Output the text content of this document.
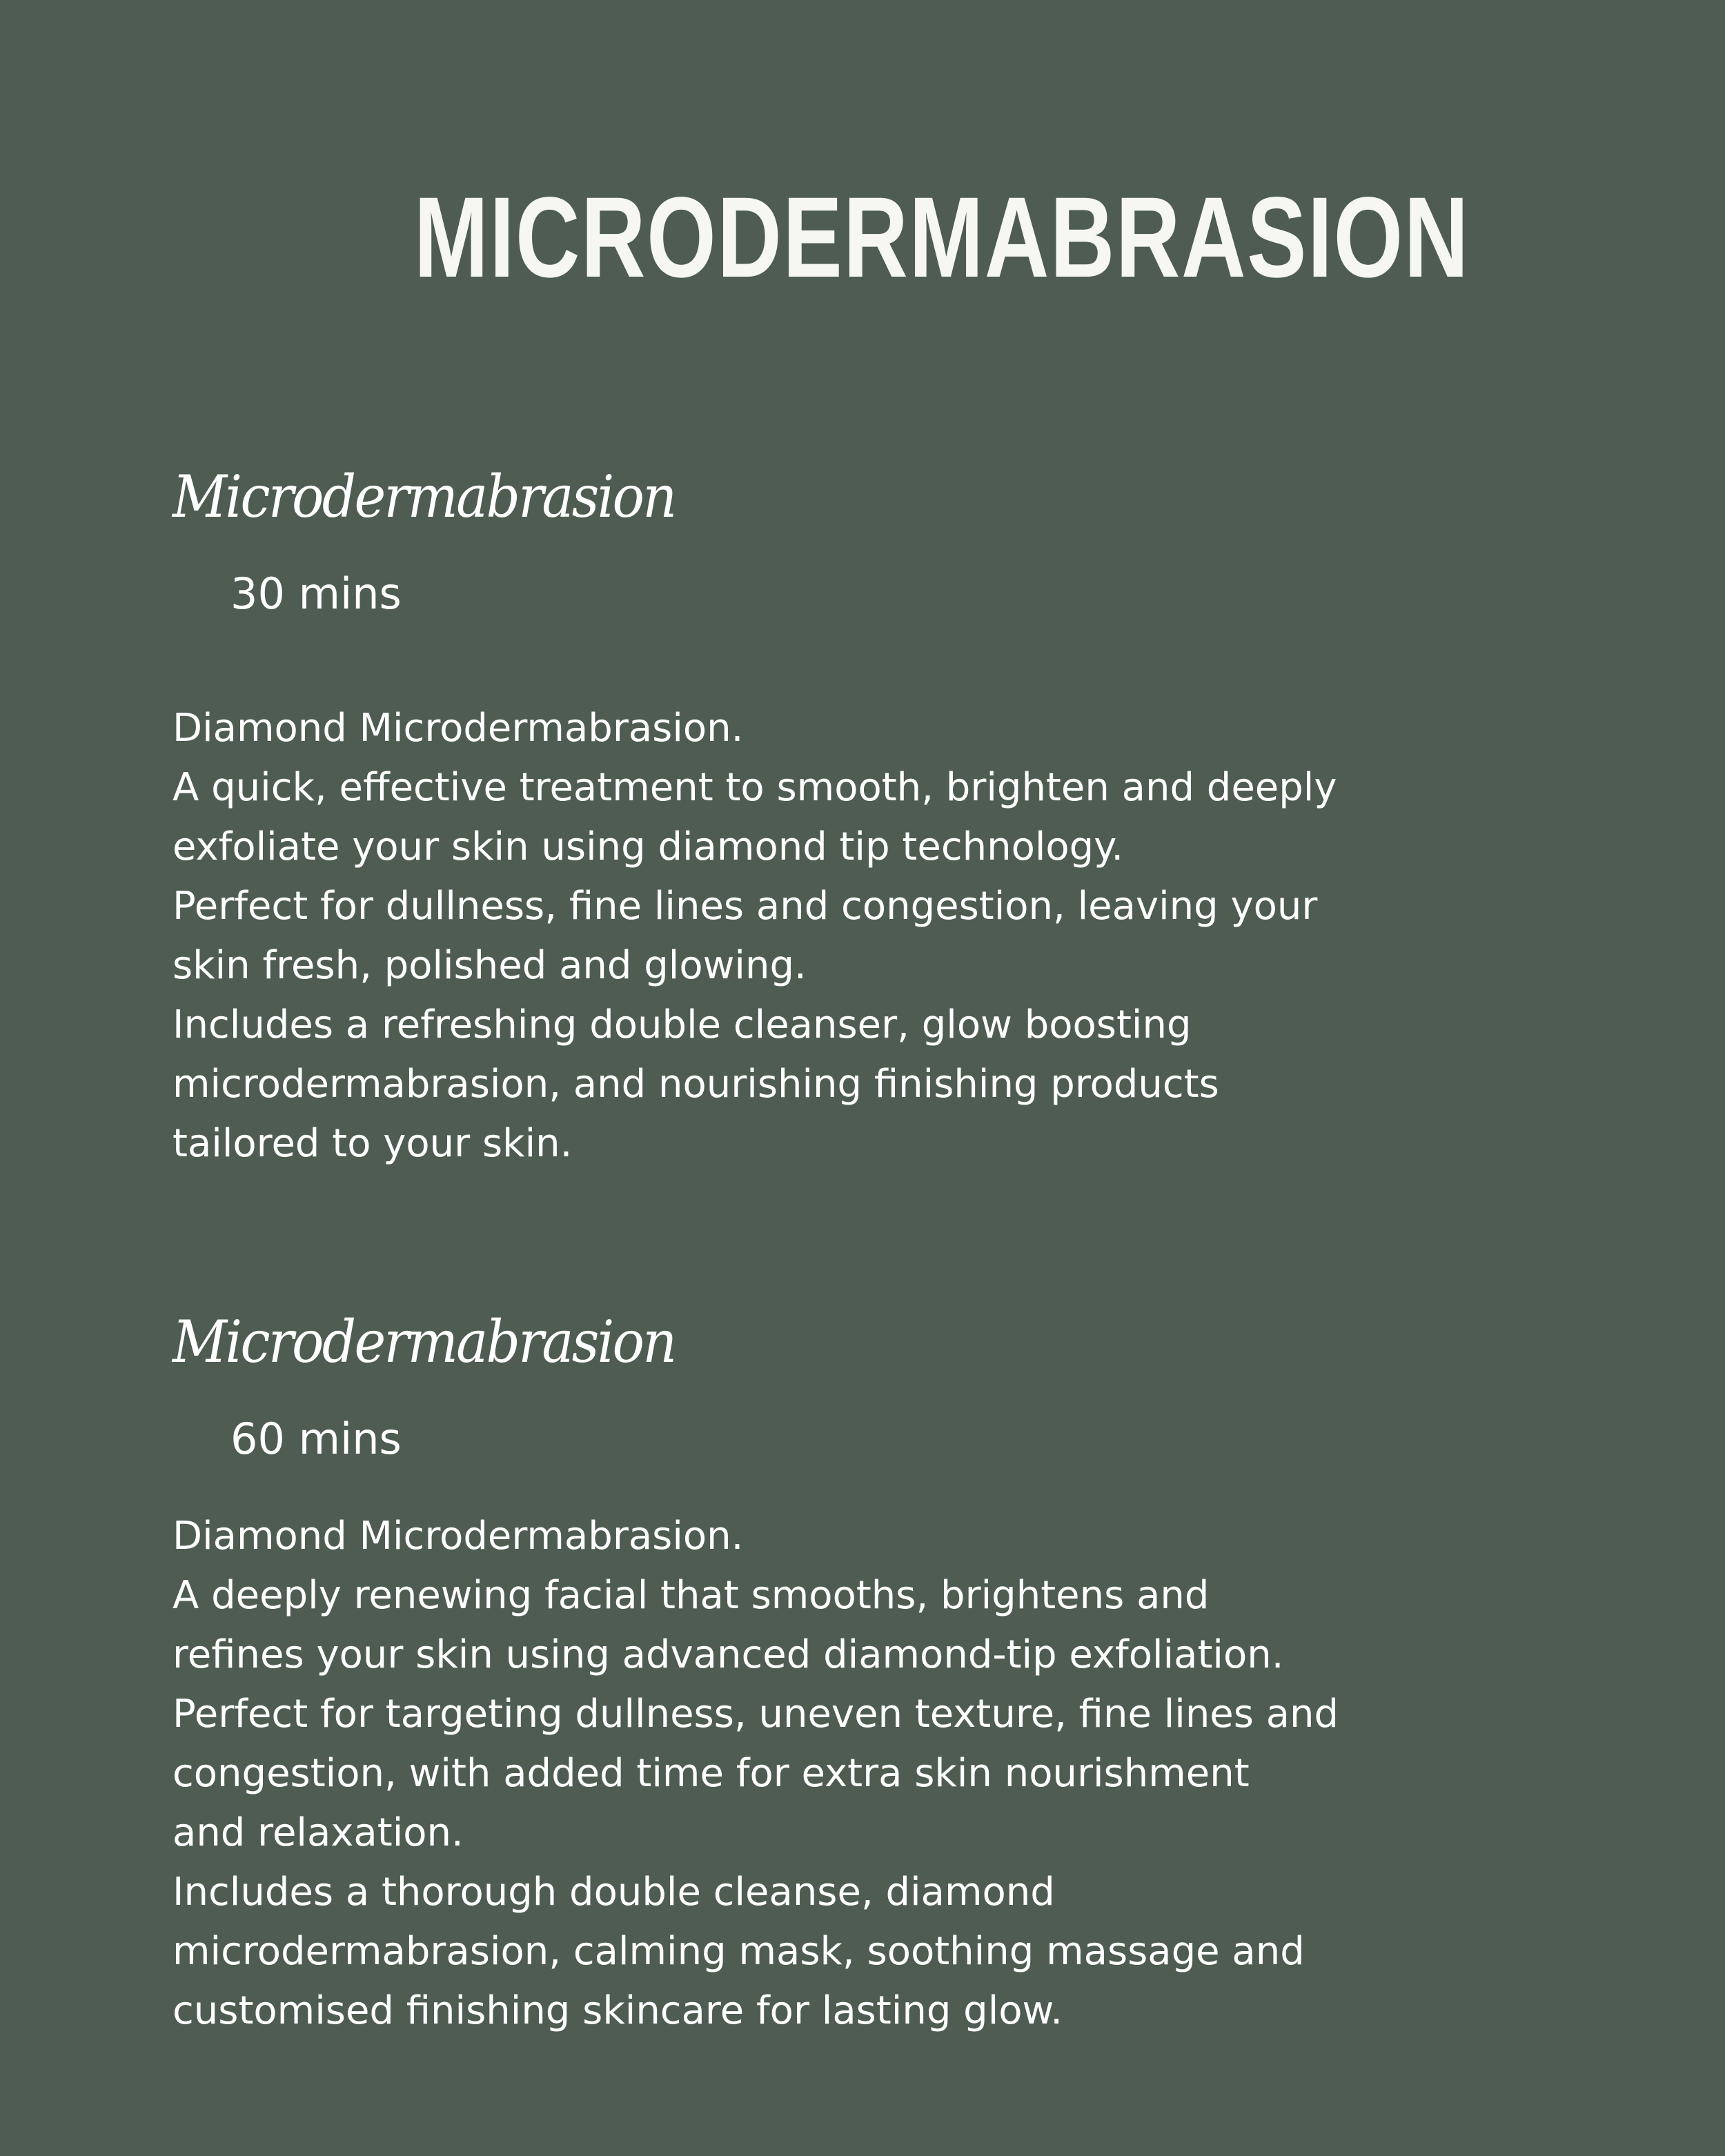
MICRODERMABRASION
Microdermabrasion

30 mins

Diamond Microdermabrasion.
A quick, effective treatment to smooth, brighten and deeply
exfoliate your skin using diamond tip technology.
Perfect for dullness, fine lines and congestion, leaving your
skin fresh, polished and glowing.
Includes a refreshing double cleanser, glow boosting
microdermabrasion, and nourishing finishing products
tailored to your skin.

Microdermabrasion

60 mins

Diamond Microdermabrasion.
A deeply renewing facial that smooths, brightens and
refines your skin using advanced diamond-tip exfoliation.
Perfect for targeting dullness, uneven texture, fine lines and
congestion, with added time for extra skin nourishment
and relaxation.
Includes a thorough double cleanse, diamond
microdermabrasion, calming mask, soothing massage and
customised finishing skincare for lasting glow.
